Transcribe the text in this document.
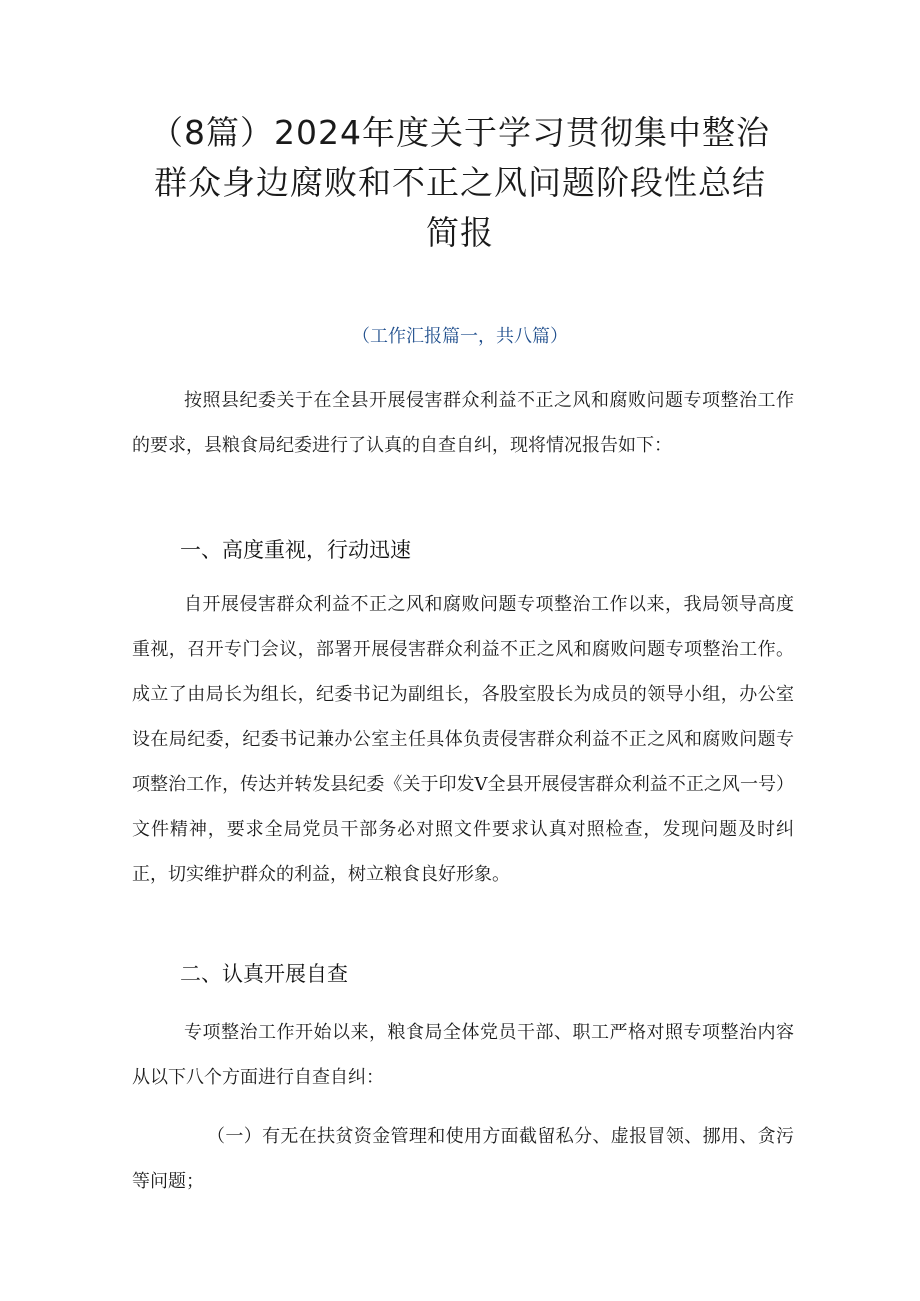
（8篇）2024年度关于学习贯彻集中整治
群众身边腐败和不正之风问题阶段性总结
简报
（工作汇报篇一，共八篇）

按照县纪委关于在全县开展侵害群众利益不正之风和腐败问题专项整治工作的要求，县粮食局纪委进行了认真的自查自纠，现将情况报告如下：

一、高度重视，行动迅速

自开展侵害群众利益不正之风和腐败问题专项整治工作以来，我局领导高度重视，召开专门会议，部署开展侵害群众利益不正之风和腐败问题专项整治工作。成立了由局长为组长，纪委书记为副组长，各股室股长为成员的领导小组，办公室设在局纪委，纪委书记兼办公室主任具体负责侵害群众利益不正之风和腐败问题专项整治工作，传达并转发县纪委《关于印发V全县开展侵害群众利益不正之风一号）文件精神，要求全局党员干部务必对照文件要求认真对照检查，发现问题及时纠正，切实维护群众的利益，树立粮食良好形象。

二、认真开展自查

专项整治工作开始以来，粮食局全体党员干部、职工严格对照专项整治内容从以下八个方面进行自查自纠：

（一）有无在扶贫资金管理和使用方面截留私分、虚报冒领、挪用、贪污等问题；
